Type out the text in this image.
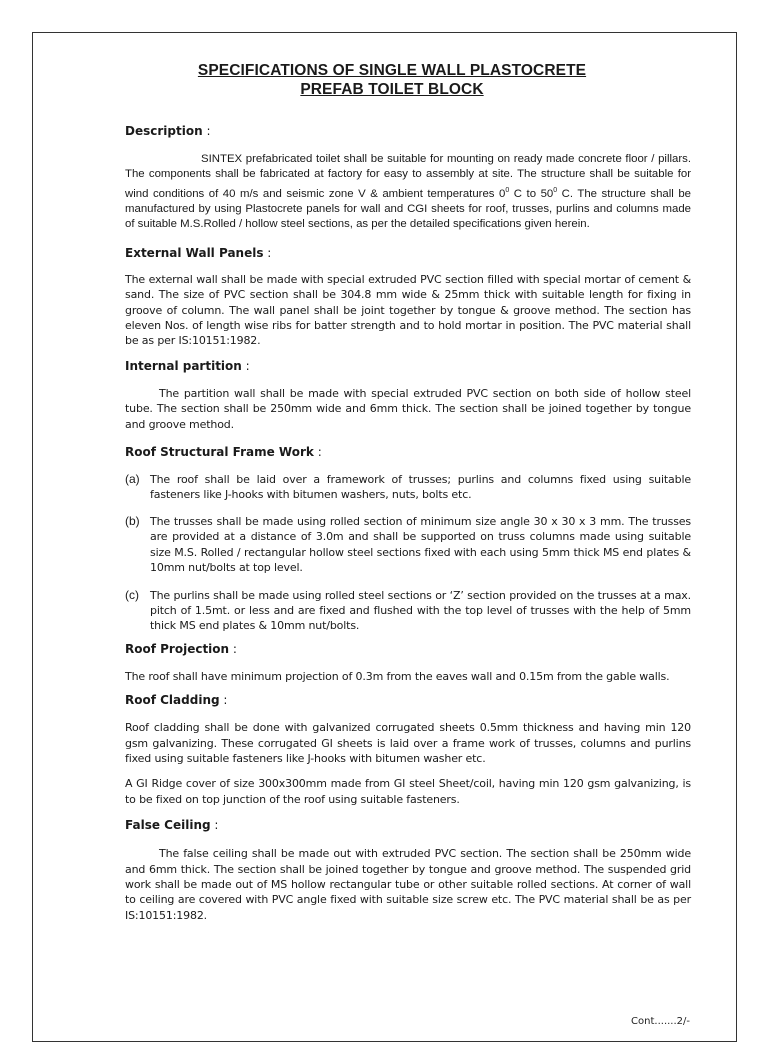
SPECIFICATIONS OF SINGLE WALL PLASTOCRETE
PREFAB TOILET BLOCK
Description :

SINTEX prefabricated toilet shall be suitable for mounting on ready made concrete floor / pillars. The components shall be fabricated at factory for easy to assembly at site. The structure shall be suitable for wind conditions of 40 m/s and seismic zone V & ambient temperatures $0^0$ C to $50^0$ C. The structure shall be manufactured by using Plastocrete panels for wall and CGI sheets for roof, trusses, purlins and columns made of suitable M.S.Rolled / hollow steel sections, as per the detailed specifications given herein.

External Wall Panels :

The external wall shall be made with special extruded PVC section filled with special mortar of cement & sand. The size of PVC section shall be 304.8 mm wide & 25mm thick with suitable length for fixing in groove of column. The wall panel shall be joint together by tongue & groove method. The section has eleven Nos. of length wise ribs for batter strength and to hold mortar in position. The PVC material shall be as per IS:10151:1982.

Internal partition :

The partition wall shall be made with special extruded PVC section on both side of hollow steel tube. The section shall be 250mm wide and 6mm thick. The section shall be joined together by tongue and groove method.

Roof Structural Frame Work :
(a) The roof shall be laid over a framework of trusses; purlins and columns fixed using suitable fasteners like J-hooks with bitumen washers, nuts, bolts etc.

(b) The trusses shall be made using rolled section of minimum size angle 30 x 30 x 3 mm. The trusses are provided at a distance of 3.0m and shall be supported on truss columns made using suitable size M.S. Rolled / rectangular hollow steel sections fixed with each using 5mm thick MS end plates & 10mm nut/bolts at top level.

(c) The purlins shall be made using rolled steel sections or ‘Z’ section provided on the trusses at a max. pitch of 1.5mt. or less and are fixed and flushed with the top level of trusses with the help of 5mm thick MS end plates & 10mm nut/bolts.

Roof Projection :

The roof shall have minimum projection of 0.3m from the eaves wall and 0.15m from the gable walls.

Roof Cladding :

Roof cladding shall be done with galvanized corrugated sheets 0.5mm thickness and having min 120 gsm galvanizing. These corrugated GI sheets is laid over a frame work of trusses, columns and purlins fixed using suitable fasteners like J-hooks with bitumen washer etc.

A GI Ridge cover of size 300x300mm made from GI steel Sheet/coil, having min 120 gsm galvanizing, is to be fixed on top junction of the roof using suitable fasteners.

False Ceiling :

The false ceiling shall be made out with extruded PVC section. The section shall be 250mm wide and 6mm thick. The section shall be joined together by tongue and groove method. The suspended grid work shall be made out of MS hollow rectangular tube or other suitable rolled sections. At corner of wall to ceiling are covered with PVC angle fixed with suitable size screw etc. The PVC material shall be as per IS:10151:1982.

Cont.......2/-
